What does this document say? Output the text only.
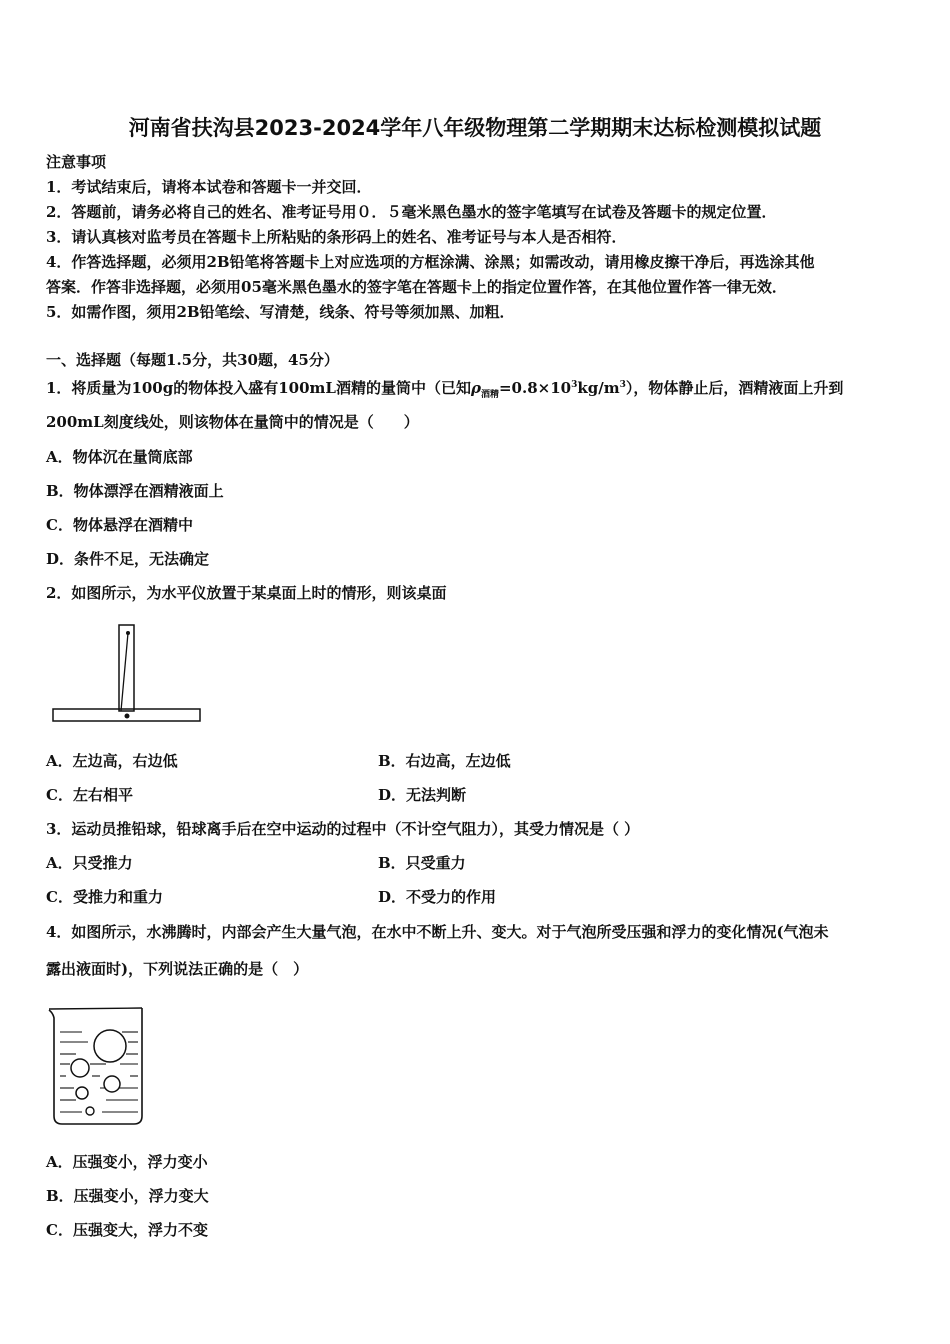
河南省扶沟县2023-2024学年八年级物理第二学期期末达标检测模拟试题
注意事项
1．考试结束后，请将本试卷和答题卡一并交回．
2．答题前，请务必将自己的姓名、准考证号用０．５毫米黑色墨水的签字笔填写在试卷及答题卡的规定位置．
3．请认真核对监考员在答题卡上所粘贴的条形码上的姓名、准考证号与本人是否相符．
4．作答选择题，必须用2B铅笔将答题卡上对应选项的方框涂满、涂黑；如需改动，请用橡皮擦干净后，再选涂其他
答案．作答非选择题，必须用05毫米黑色墨水的签字笔在答题卡上的指定位置作答，在其他位置作答一律无效．
5．如需作图，须用2B铅笔绘、写清楚，线条、符号等须加黑、加粗．
一、选择题（每题1.5分，共30题，45分）
1．将质量为100g的物体投入盛有100mL酒精的量筒中（已知$\rho_{酒精}=0.8\times 10^3kg/m^3$），物体静止后，酒精液面上升到
200mL刻度线处，则该物体在量筒中的情况是（　　）
A．物体沉在量筒底部
B．物体漂浮在酒精液面上
C．物体悬浮在酒精中
D．条件不足，无法确定
2．如图所示，为水平仪放置于某桌面上时的情形，则该桌面
A．左边高，右边低	B．右边高，左边低
C．左右相平	D．无法判断
3．运动员推铅球，铅球离手后在空中运动的过程中（不计空气阻力），其受力情况是（ ）
A．只受推力	B．只受重力
C．受推力和重力	D．不受力的作用
4．如图所示，水沸腾时，内部会产生大量气泡，在水中不断上升、变大。对于气泡所受压强和浮力的变化情况(气泡未
露出液面时)，下列说法正确的是（　）
A．压强变小，浮力变小
B．压强变小，浮力变大
C．压强变大，浮力不变
